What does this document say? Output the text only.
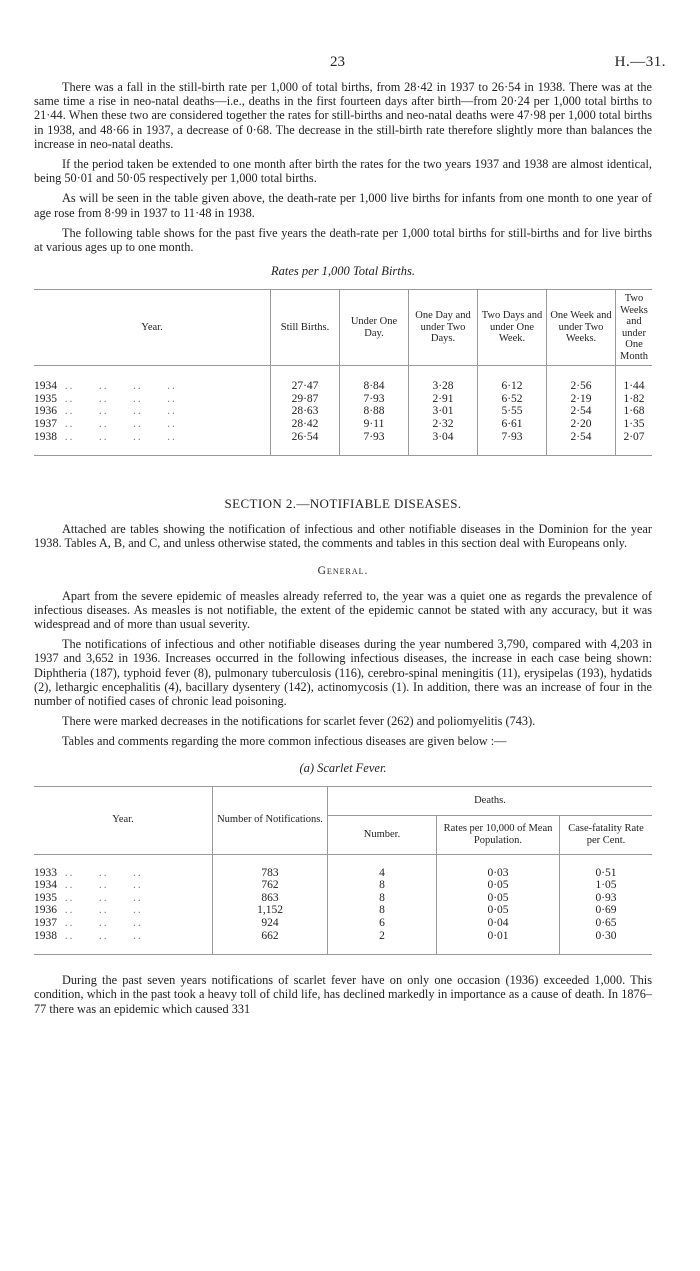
23	H.—31.

There was a fall in the still-birth rate per 1,000 of total births, from 28·42 in 1937 to 26·54 in 1938. There was at the same time a rise in neo-natal deaths—i.e., deaths in the first fourteen days after birth—from 20·24 per 1,000 total births to 21·44. When these two are considered together the rates for still-births and neo-natal deaths were 47·98 per 1,000 total births in 1938, and 48·66 in 1937, a decrease of 0·68. The decrease in the still-birth rate therefore slightly more than balances the increase in neo-natal deaths.

If the period taken be extended to one month after birth the rates for the two years 1937 and 1938 are almost identical, being 50·01 and 50·05 respectively per 1,000 total births.

As will be seen in the table given above, the death-rate per 1,000 live births for infants from one month to one year of age rose from 8·99 in 1937 to 11·48 in 1938.

The following table shows for the past five years the death-rate per 1,000 total births for still-births and for live births at various ages up to one month.

Rates per 1,000 Total Births.
Year.	Still Births.	Under One Day.	One Day and under Two Days.	Two Days and under One Week.	One Week and under Two Weeks.	Two Weeks and under One Month

1934  ..     ..     ..     ..	27·47	8·84	3·28	6·12	2·56	1·44
1935  ..     ..     ..     ..	29·87	7·93	2·91	6·52	2·19	1·82
1936  ..     ..     ..     ..	28·63	8·88	3·01	5·55	2·54	1·68
1937  ..     ..     ..     ..	28·42	9·11	2·32	6·61	2·20	1·35
1938  ..     ..     ..     ..	26·54	7·93	3·04	7·93	2·54	2·07

SECTION 2.—NOTIFIABLE DISEASES.

Attached are tables showing the notification of infectious and other notifiable diseases in the Dominion for the year 1938. Tables A, B, and C, and unless otherwise stated, the comments and tables in this section deal with Europeans only.

General.

Apart from the severe epidemic of measles already referred to, the year was a quiet one as regards the prevalence of infectious diseases. As measles is not notifiable, the extent of the epidemic cannot be stated with any accuracy, but it was widespread and of more than usual severity.

The notifications of infectious and other notifiable diseases during the year numbered 3,790, compared with 4,203 in 1937 and 3,652 in 1936. Increases occurred in the following infectious diseases, the increase in each case being shown: Diphtheria (187), typhoid fever (8), pulmonary tuberculosis (116), cerebro-spinal meningitis (11), erysipelas (193), hydatids (2), lethargic encephalitis (4), bacillary dysentery (142), actinomycosis (1). In addition, there was an increase of four in the number of notified cases of chronic lead poisoning.

There were marked decreases in the notifications for scarlet fever (262) and poliomyelitis (743).

Tables and comments regarding the more common infectious diseases are given below :—

(a) Scarlet Fever.
Year.	Number of Notifications.	Deaths.		
		Number.	Rates per 10,000 of Mean Population.	Case-fatality Rate per Cent.

1933  ..     ..     ..	783	4	0·03	0·51
1934  ..     ..     ..	762	8	0·05	1·05
1935  ..     ..     ..	863	8	0·05	0·93
1936  ..     ..     ..	1,152	8	0·05	0·69
1937  ..     ..     ..	924	6	0·04	0·65
1938  ..     ..     ..	662	2	0·01	0·30

During the past seven years notifications of scarlet fever have on only one occasion (1936) exceeded 1,000. This condition, which in the past took a heavy toll of child life, has declined markedly in importance as a cause of death. In 1876–77 there was an epidemic which caused 331
